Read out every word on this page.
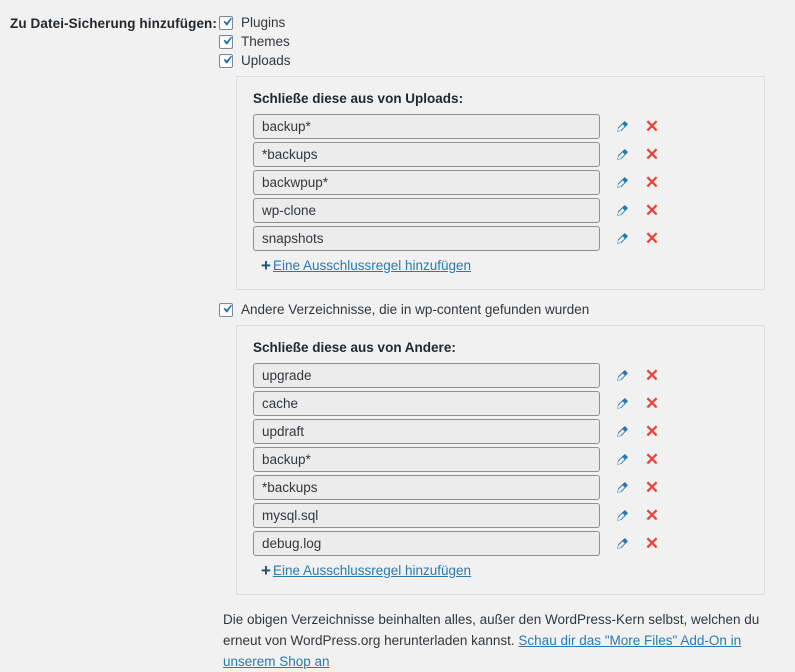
Zu Datei-Sicherung hinzufügen: Plugins
Themes
Uploads
Schließe diese aus von Uploads:
backup*
✕
*backups
✕
backwpup*
✕
wp-clone
✕
snapshots
✕
+ Eine Ausschlussregel hinzufügen
Andere Verzeichnisse, die in wp-content gefunden wurden
Schließe diese aus von Andere:
upgrade
✕
cache
✕
updraft
✕
backup*
✕
*backups
✕
mysql.sql
✕
debug.log
✕
+ Eine Ausschlussregel hinzufügen
Die obigen Verzeichnisse beinhalten alles, außer den WordPress-Kern selbst, welchen du erneut von WordPress.org herunterladen kannst. Schau dir das "More Files" Add-On in unserem Shop an
